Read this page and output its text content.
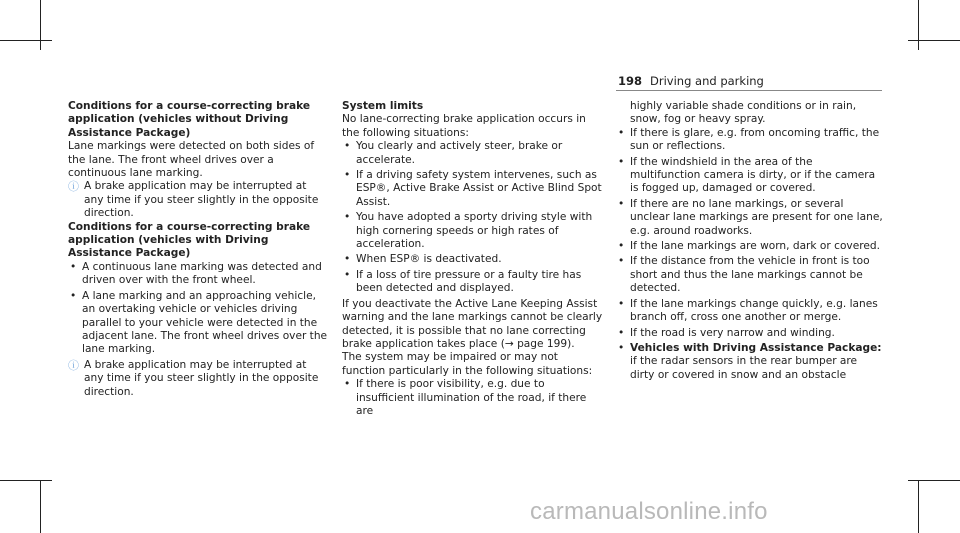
198 Driving and parking

Conditions for a course-correcting brake application (vehicles without Driving Assistance Package)

Lane markings were detected on both sides of the lane. The front wheel drives over a continuous lane marking.

ⓘ A brake application may be interrupted at any time if you steer slightly in the opposite direction.

Conditions for a course-correcting brake application (vehicles with Driving Assistance Package)

• A continuous lane marking was detected and driven over with the front wheel.
• A lane marking and an approaching vehicle, an overtaking vehicle or vehicles driving parallel to your vehicle were detected in the adjacent lane. The front wheel drives over the lane marking.

ⓘ A brake application may be interrupted at any time if you steer slightly in the opposite direction.

System limits

No lane-correcting brake application occurs in the following situations:

• You clearly and actively steer, brake or accelerate.
• If a driving safety system intervenes, such as ESP®, Active Brake Assist or Active Blind Spot Assist.
• You have adopted a sporty driving style with high cornering speeds or high rates of acceleration.
• When ESP® is deactivated.
• If a loss of tire pressure or a faulty tire has been detected and displayed.

If you deactivate the Active Lane Keeping Assist warning and the lane markings cannot be clearly detected, it is possible that no lane correcting brake application takes place (→ page 199).

The system may be impaired or may not function particularly in the following situations:

• If there is poor visibility, e.g. due to insufficient illumination of the road, if there are

highly variable shade conditions or in rain, snow, fog or heavy spray.

• If there is glare, e.g. from oncoming traffic, the sun or reflections.
• If the windshield in the area of the multifunction camera is dirty, or if the camera is fogged up, damaged or covered.
• If there are no lane markings, or several unclear lane markings are present for one lane, e.g. around roadworks.
• If the lane markings are worn, dark or covered.
• If the distance from the vehicle in front is too short and thus the lane markings cannot be detected.
• If the lane markings change quickly, e.g. lanes branch off, cross one another or merge.
• If the road is very narrow and winding.
• Vehicles with Driving Assistance Package: if the radar sensors in the rear bumper are dirty or covered in snow and an obstacle
carmanualsonline.info
